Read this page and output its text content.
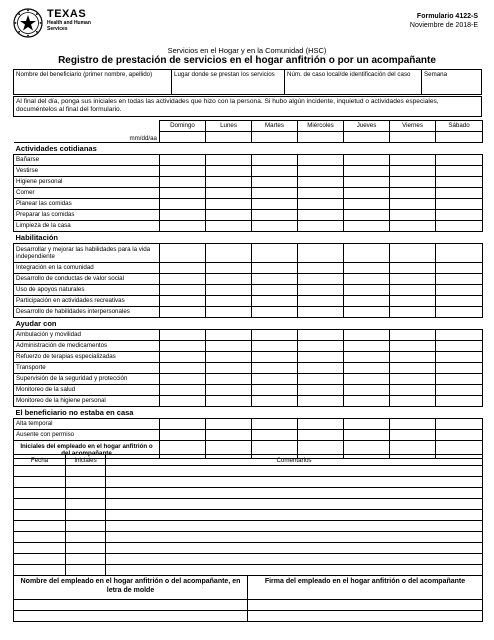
TEXAS
Health and Human
Services
Formulario 4122-S
Noviembre de 2018-E
Servicios en el Hogar y en la Comunidad (HSC)
Registro de prestación de servicios en el hogar anfitrión o por un acompañante
Nombre del beneficiario (primer nombre, apellido)	Lugar donde se prestan los servicios	Núm. de caso local/de identificación del caso	Semana
Al final del día, ponga sus iniciales en todas las actividades que hizo con la persona. Si hubo algún incidente, inquietud o actividades especiales, documéntelos al final del formulario.
mm/dd/aa	Domingo	Lunes	Martes	Miércoles	Jueves	Viernes	Sábado

Actividades cotidianas							
Bañarse							
Vestirse							
Higiene personal							
Comer							
Planear las comidas							
Preparar las comidas							
Limpieza de la casa							
Habilitación							
Desarrollar y mejorar las habilidades para la vida independiente							
Integración en la comunidad							
Desarrollo de conductas de valor social							
Uso de apoyos naturales							
Participación en actividades recreativas							
Desarrollo de habilidades interpersonales							
Ayudar con							
Ambulación y movilidad							
Administración de medicamentos							
Refuerzo de terapias especializadas							
Transporte							
Supervisión de la seguridad y protección							
Monitoreo de la salud							
Monitoreo de la higiene personal							
El beneficiario no estaba en casa							
Alta temporal							
Ausente con permiso							
Iniciales del empleado en el hogar anfitrión o del acompañante							
Fecha	Iniciales	Comentarios

Nombre del empleado en el hogar anfitrión o del acompañante, en letra de molde	Firma del empleado en el hogar anfitrión o del acompañante
